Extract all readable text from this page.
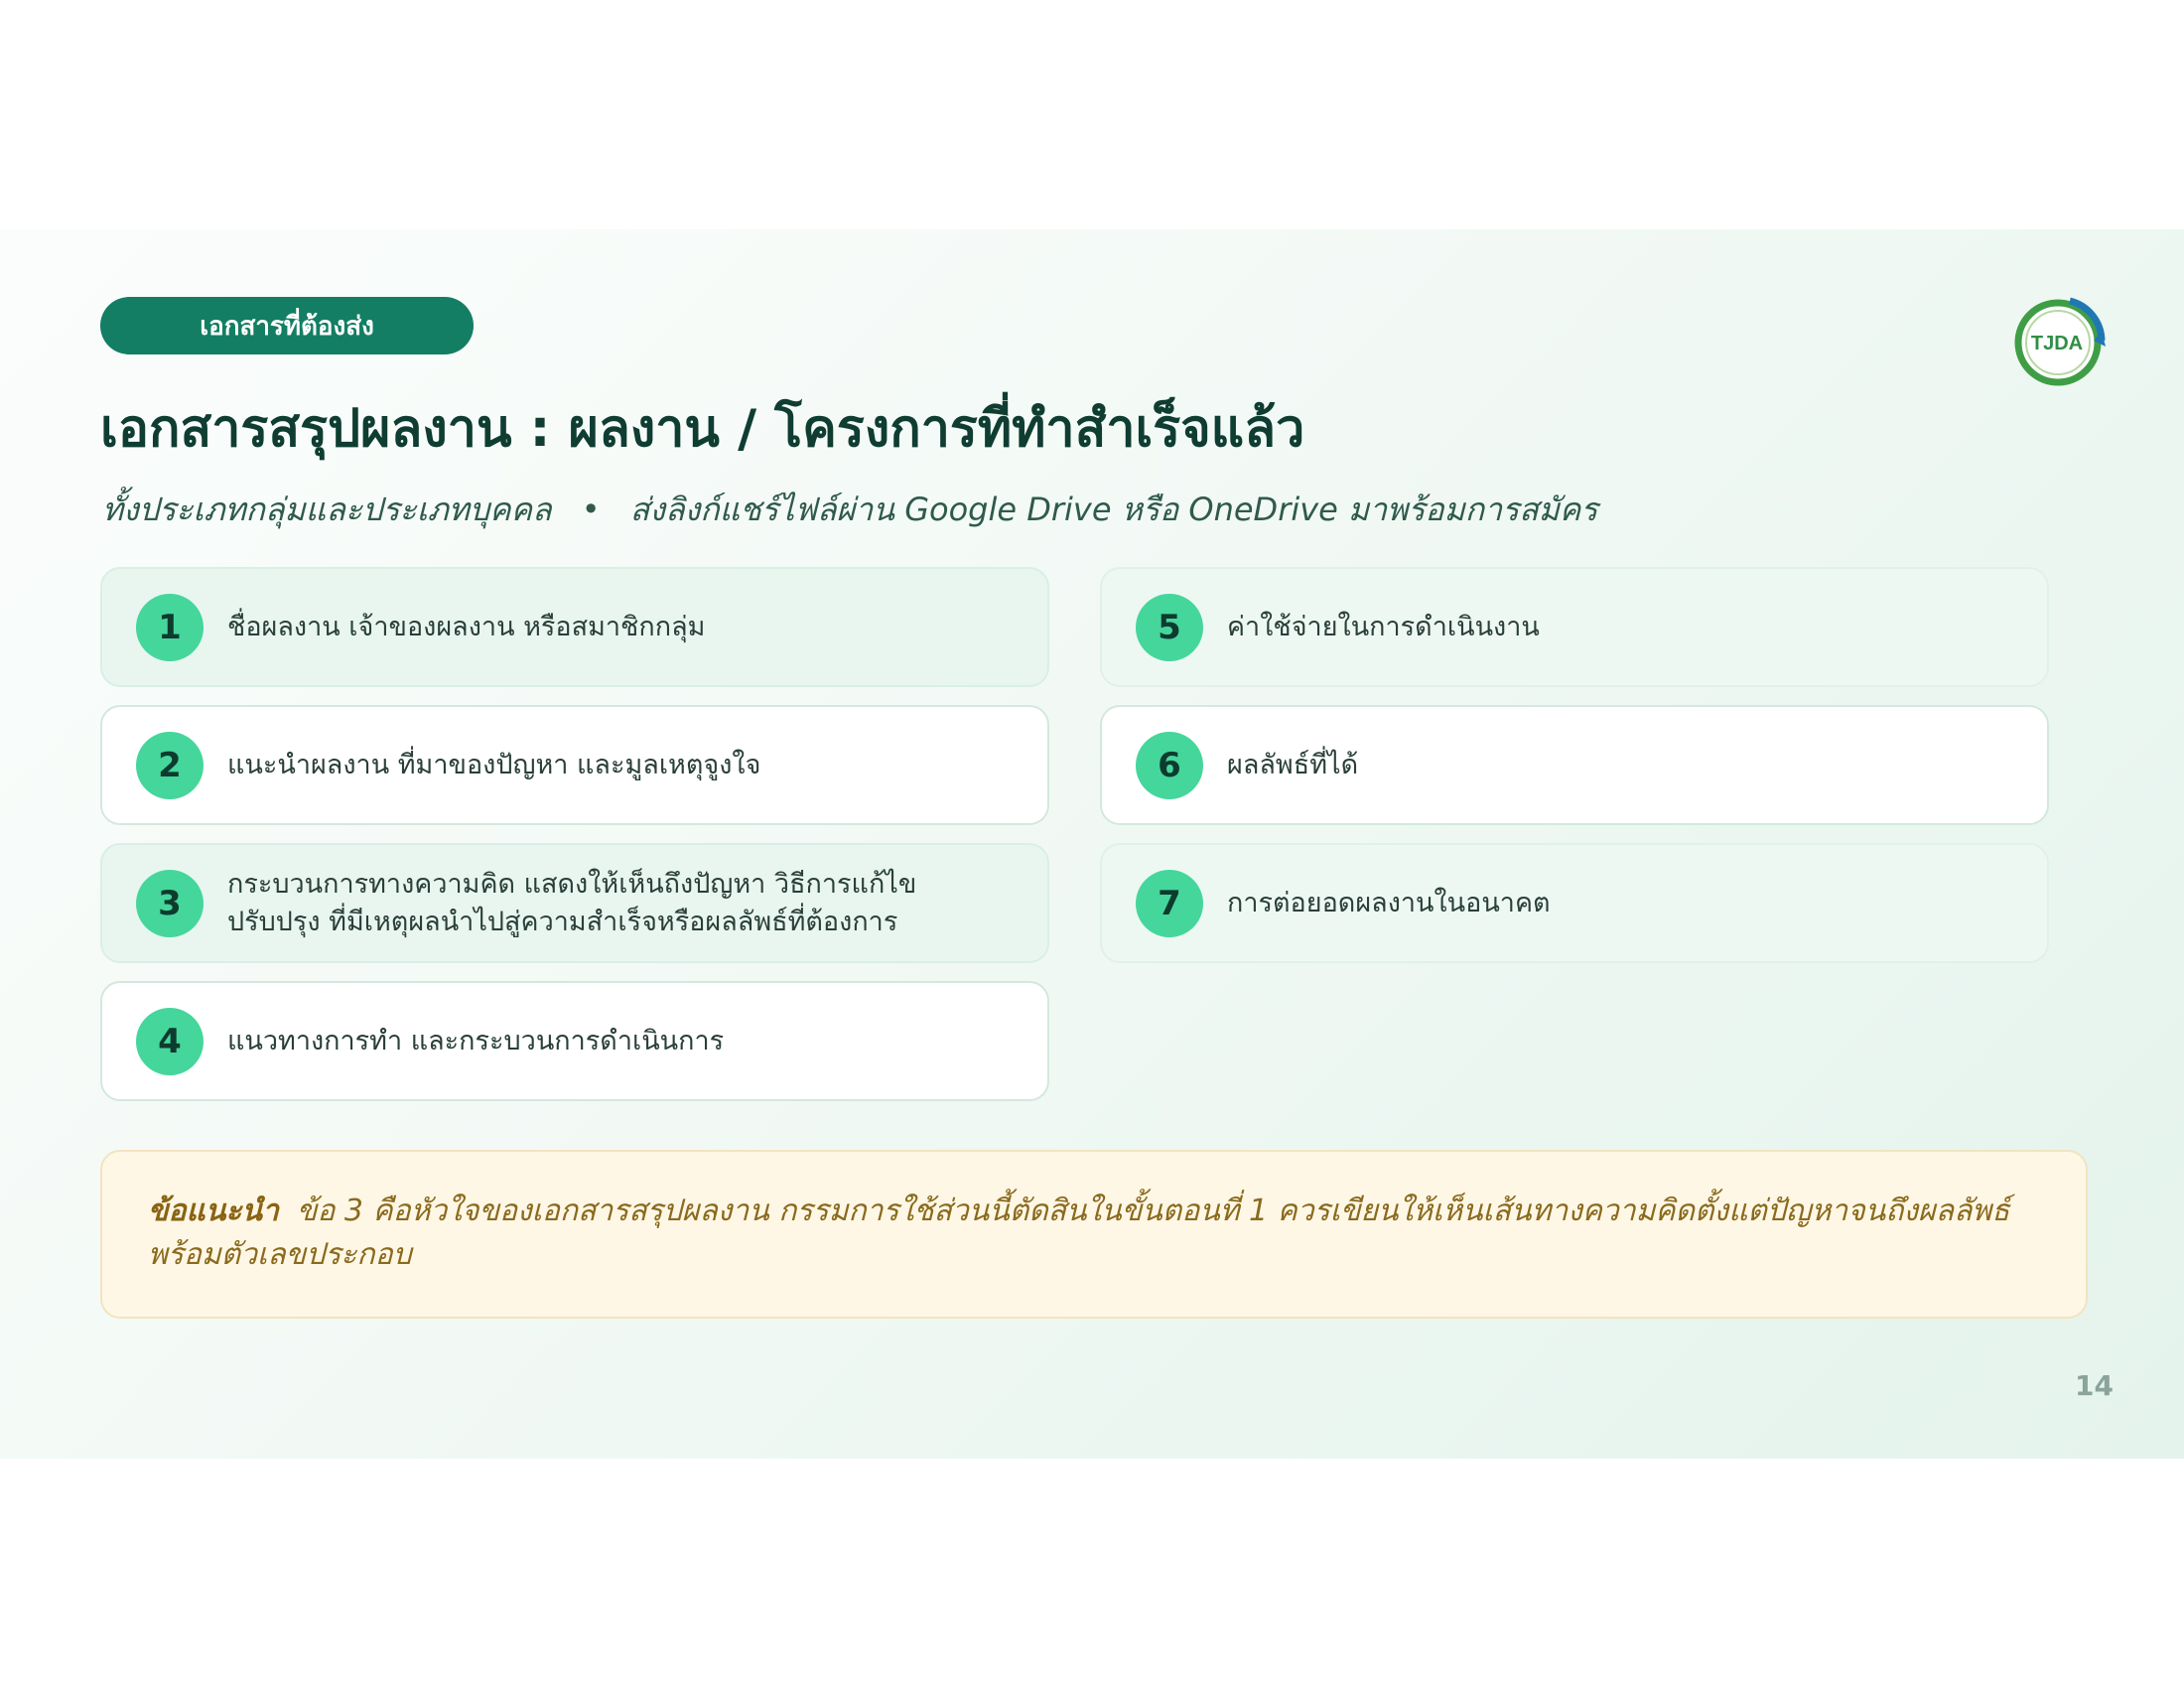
เอกสารที่ต้องส่ง
TJDA
เอกสารสรุปผลงาน : ผลงาน / โครงการที่ทำสำเร็จแล้ว
ทั้งประเภทกลุ่มและประเภทบุคคล • ส่งลิงก์แชร์ไฟล์ผ่าน Google Drive หรือ OneDrive มาพร้อมการสมัคร
1	ชื่อผลงาน เจ้าของผลงาน หรือสมาชิกกลุ่ม
2	แนะนำผลงาน ที่มาของปัญหา และมูลเหตุจูงใจ
3	กระบวนการทางความคิด แสดงให้เห็นถึงปัญหา วิธีการแก้ไข
ปรับปรุง ที่มีเหตุผลนำไปสู่ความสำเร็จหรือผลลัพธ์ที่ต้องการ
4	แนวทางการทำ และกระบวนการดำเนินการ
5	ค่าใช้จ่ายในการดำเนินงาน
6	ผลลัพธ์ที่ได้
7	การต่อยอดผลงานในอนาคต
ข้อแนะนำ ข้อ 3 คือหัวใจของเอกสารสรุปผลงาน กรรมการใช้ส่วนนี้ตัดสินในขั้นตอนที่ 1 ควรเขียนให้เห็นเส้นทางความคิดตั้งแต่ปัญหาจนถึงผลลัพธ์
พร้อมตัวเลขประกอบ
14
